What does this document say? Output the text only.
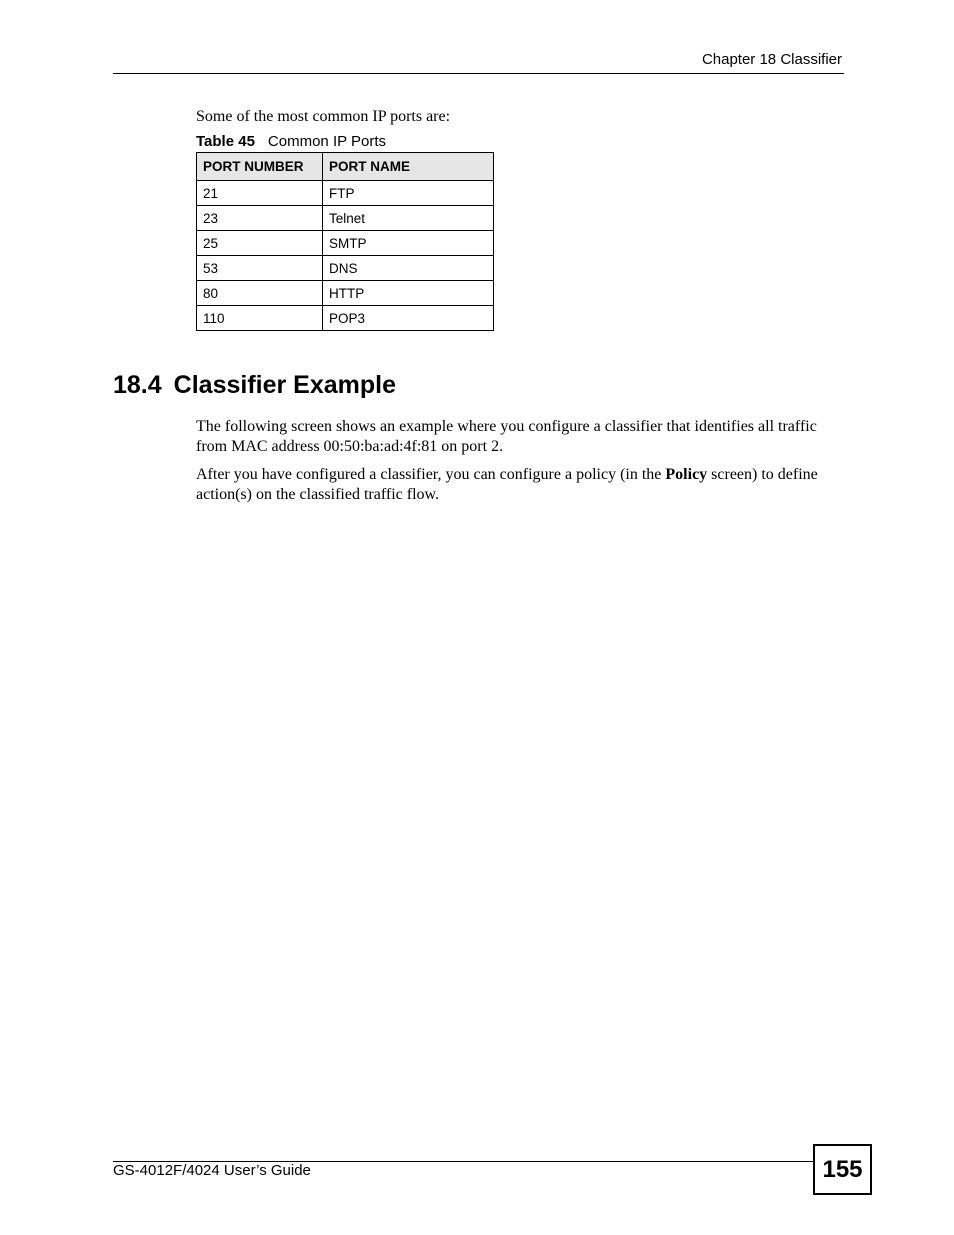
Chapter 18 Classifier
Some of the most common IP ports are:
Table 45 Common IP Ports
PORT NUMBER	PORT NAME
21	FTP
23	Telnet
25	SMTP
53	DNS
80	HTTP
110	POP3
18.4 Classifier Example

The following screen shows an example where you configure a classifier that identifies all traffic from MAC address 00:50:ba:ad:4f:81 on port 2.

After you have configured a classifier, you can configure a policy (in the Policy screen) to define action(s) on the classified traffic flow.

GS-4012F/4024 User’s Guide	155
